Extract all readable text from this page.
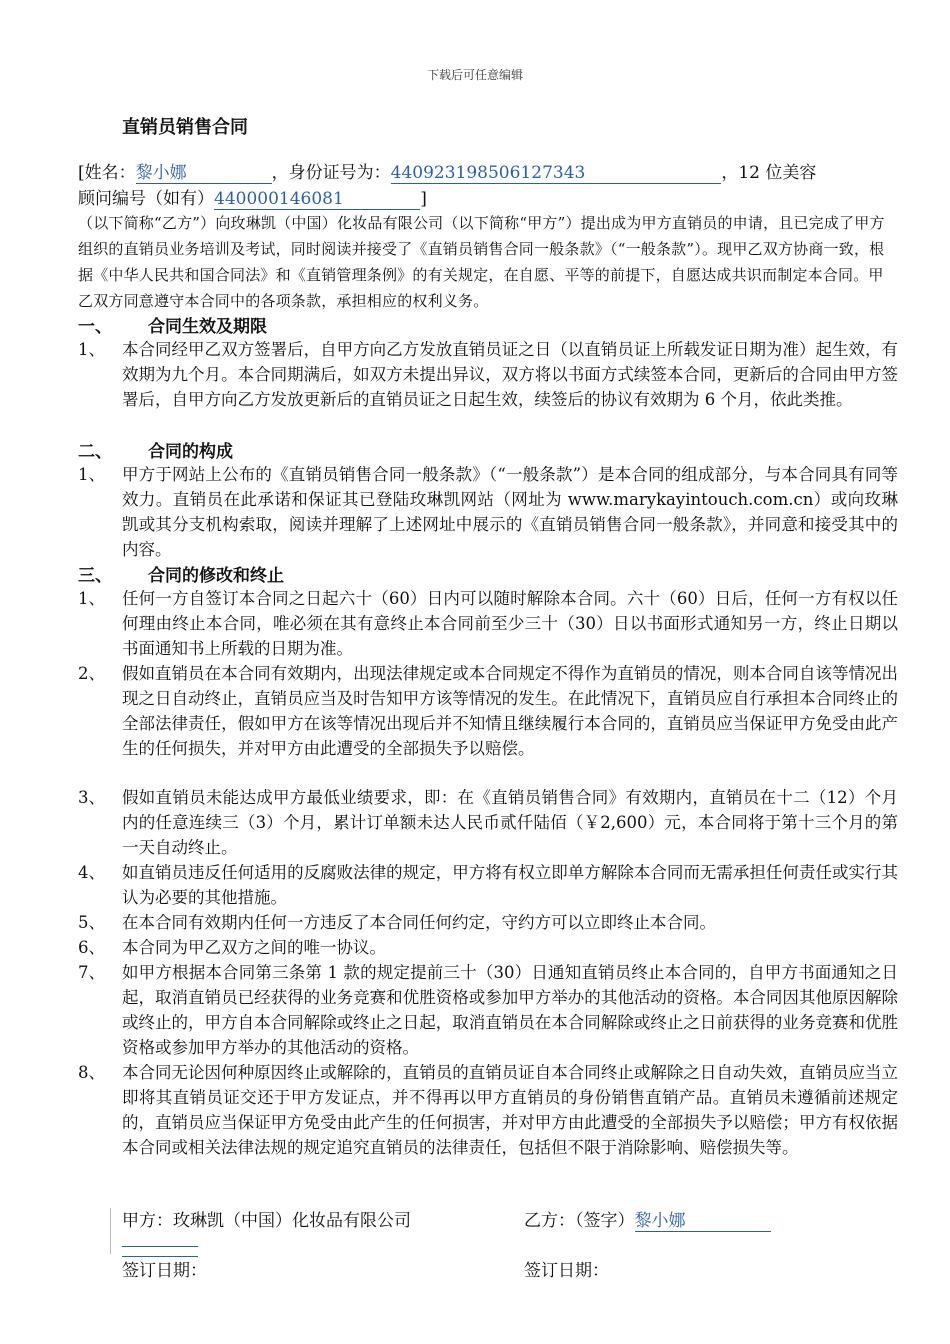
下载后可任意编辑
直销员销售合同
[姓名：黎小娜	，身份证号为：440923198506127343	，12 位美容
顾问编号（如有）440000146081	]
（以下简称“乙方”）向玫琳凯（中国）化妆品有限公司（以下简称“甲方”）提出成为甲方直销员的申请，且已完成了甲方组织的直销员业务培训及考试，同时阅读并接受了《直销员销售合同一般条款》（“一般条款”）。现甲乙双方协商一致，根据《中华人民共和国合同法》和《直销管理条例》的有关规定，在自愿、平等的前提下，自愿达成共识而制定本合同。甲乙双方同意遵守本合同中的各项条款，承担相应的权利义务。
一、	合同生效及期限
1、	本合同经甲乙双方签署后，自甲方向乙方发放直销员证之日（以直销员证上所载发证日期为准）起生效，有效期为九个月。本合同期满后，如双方未提出异议，双方将以书面方式续签本合同，更新后的合同由甲方签署后，自甲方向乙方发放更新后的直销员证之日起生效，续签后的协议有效期为 6 个月，依此类推。
二、	合同的构成
1、	甲方于网站上公布的《直销员销售合同一般条款》（“一般条款”）是本合同的组成部分，与本合同具有同等效力。直销员在此承诺和保证其已登陆玫琳凯网站（网址为 www.marykayintouch.com.cn）或向玫琳凯或其分支机构索取，阅读并理解了上述网址中展示的《直销员销售合同一般条款》，并同意和接受其中的内容。
三、	合同的修改和终止
1、	任何一方自签订本合同之日起六十（60）日内可以随时解除本合同。六十（60）日后，任何一方有权以任何理由终止本合同，唯必须在其有意终止本合同前至少三十（30）日以书面形式通知另一方，终止日期以书面通知书上所载的日期为准。
2、	假如直销员在本合同有效期内，出现法律规定或本合同规定不得作为直销员的情况，则本合同自该等情况出现之日自动终止，直销员应当及时告知甲方该等情况的发生。在此情况下，直销员应自行承担本合同终止的全部法律责任，假如甲方在该等情况出现后并不知情且继续履行本合同的，直销员应当保证甲方免受由此产生的任何损失，并对甲方由此遭受的全部损失予以赔偿。
3、	假如直销员未能达成甲方最低业绩要求，即：在《直销员销售合同》有效期内，直销员在十二（12）个月内的任意连续三（3）个月，累计订单额未达人民币贰仟陆佰（￥2,600）元，本合同将于第十三个月的第一天自动终止。
4、	如直销员违反任何适用的反腐败法律的规定，甲方将有权立即单方解除本合同而无需承担任何责任或实行其认为必要的其他措施。
5、	在本合同有效期内任何一方违反了本合同任何约定，守约方可以立即终止本合同。
6、	本合同为甲乙双方之间的唯一协议。
7、	如甲方根据本合同第三条第 1 款的规定提前三十（30）日通知直销员终止本合同的，自甲方书面通知之日起，取消直销员已经获得的业务竞赛和优胜资格或参加甲方举办的其他活动的资格。本合同因其他原因解除或终止的，甲方自本合同解除或终止之日起，取消直销员在本合同解除或终止之日前获得的业务竞赛和优胜资格或参加甲方举办的其他活动的资格。
8、	本合同无论因何种原因终止或解除的，直销员的直销员证自本合同终止或解除之日自动失效，直销员应当立即将其直销员证交还于甲方发证点，并不得再以甲方直销员的身份销售直销产品。直销员未遵循前述规定的，直销员应当保证甲方免受由此产生的任何损害，并对甲方由此遭受的全部损失予以赔偿；甲方有权依据本合同或相关法律法规的规定追究直销员的法律责任，包括但不限于消除影响、赔偿损失等。
甲方：玫琳凯（中国）化妆品有限公司	乙方：（签字）黎小娜
签订日期：	签订日期：
